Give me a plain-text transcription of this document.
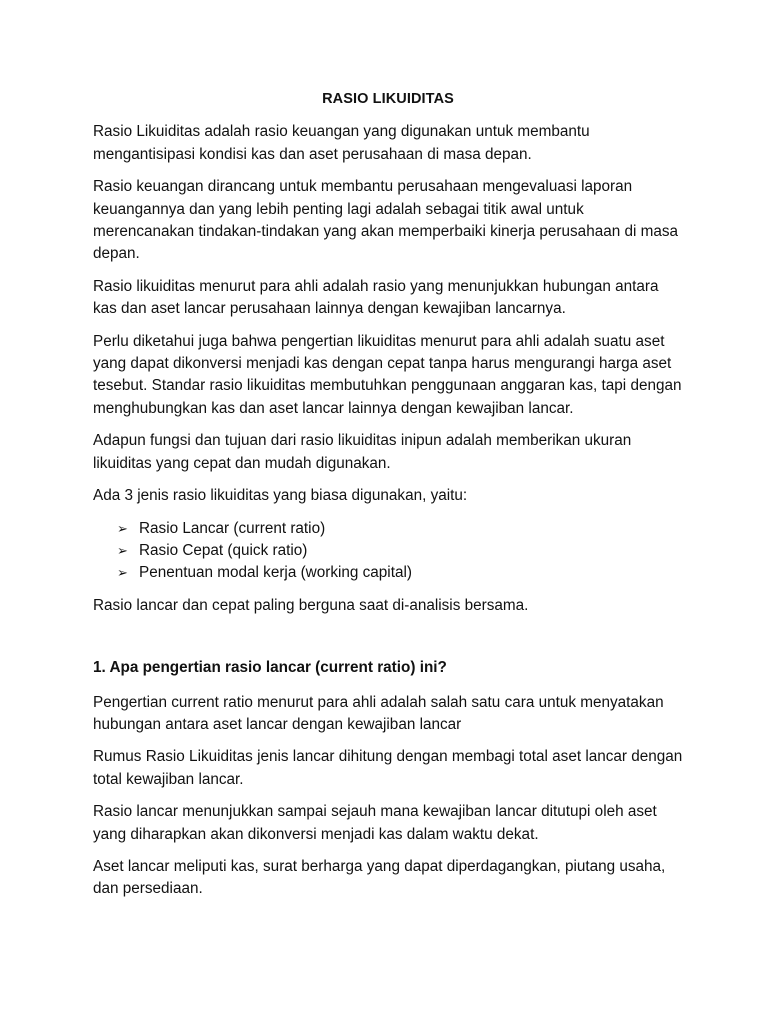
RASIO LIKUIDITAS

Rasio Likuiditas adalah rasio keuangan yang digunakan untuk membantu mengantisipasi kondisi kas dan aset perusahaan di masa depan.

Rasio keuangan dirancang untuk membantu perusahaan mengevaluasi laporan keuangannya dan yang lebih penting lagi adalah sebagai titik awal untuk merencanakan tindakan-tindakan yang akan memperbaiki kinerja perusahaan di masa depan.

Rasio likuiditas menurut para ahli adalah rasio yang menunjukkan hubungan antara kas dan aset lancar perusahaan lainnya dengan kewajiban lancarnya.

Perlu diketahui juga bahwa pengertian likuiditas menurut para ahli adalah suatu aset yang dapat dikonversi menjadi kas dengan cepat tanpa harus mengurangi harga aset tesebut. Standar rasio likuiditas membutuhkan penggunaan anggaran kas, tapi dengan menghubungkan kas dan aset lancar lainnya dengan kewajiban lancar.

Adapun fungsi dan tujuan dari rasio likuiditas inipun adalah memberikan ukuran likuiditas yang cepat dan mudah digunakan.

Ada 3 jenis rasio likuiditas yang biasa digunakan, yaitu:

➢ Rasio Lancar (current ratio)
➢ Rasio Cepat (quick ratio)
➢ Penentuan modal kerja (working capital)

Rasio lancar dan cepat paling berguna saat di-analisis bersama.

1. Apa pengertian rasio lancar (current ratio) ini?

Pengertian current ratio menurut para ahli adalah salah satu cara untuk menyatakan hubungan antara aset lancar dengan kewajiban lancar

Rumus Rasio Likuiditas jenis lancar dihitung dengan membagi total aset lancar dengan total kewajiban lancar.

Rasio lancar menunjukkan sampai sejauh mana kewajiban lancar ditutupi oleh aset yang diharapkan akan dikonversi menjadi kas dalam waktu dekat.

Aset lancar meliputi kas, surat berharga yang dapat diperdagangkan, piutang usaha, dan persediaan.
